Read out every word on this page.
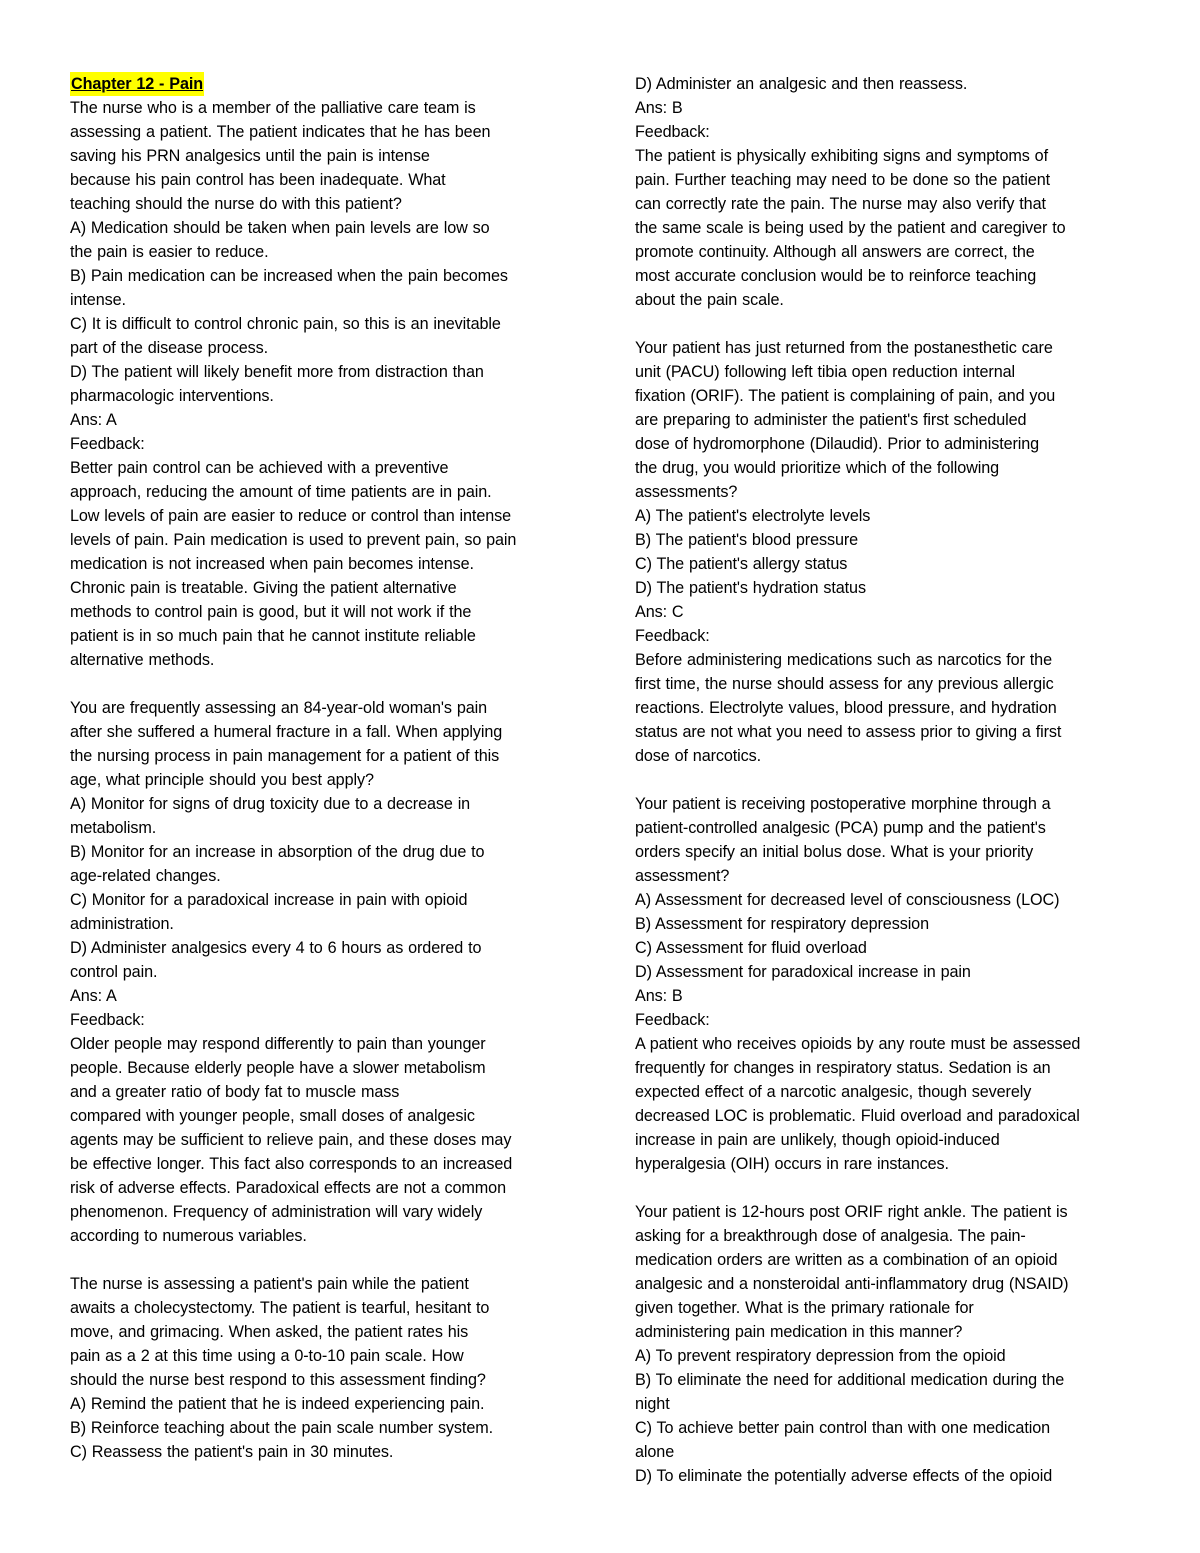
Chapter 12 - Pain
The nurse who is a member of the palliative care team is
assessing a patient. The patient indicates that he has been
saving his PRN analgesics until the pain is intense
because his pain control has been inadequate. What
teaching should the nurse do with this patient?
A) Medication should be taken when pain levels are low so
the pain is easier to reduce.
B) Pain medication can be increased when the pain becomes
intense.
C) It is difficult to control chronic pain, so this is an inevitable
part of the disease process.
D) The patient will likely benefit more from distraction than
pharmacologic interventions.
Ans: A
Feedback:
Better pain control can be achieved with a preventive
approach, reducing the amount of time patients are in pain.
Low levels of pain are easier to reduce or control than intense
levels of pain. Pain medication is used to prevent pain, so pain
medication is not increased when pain becomes intense.
Chronic pain is treatable. Giving the patient alternative
methods to control pain is good, but it will not work if the
patient is in so much pain that he cannot institute reliable
alternative methods.
You are frequently assessing an 84-year-old woman's pain
after she suffered a humeral fracture in a fall. When applying
the nursing process in pain management for a patient of this
age, what principle should you best apply?
A) Monitor for signs of drug toxicity due to a decrease in
metabolism.
B) Monitor for an increase in absorption of the drug due to
age-related changes.
C) Monitor for a paradoxical increase in pain with opioid
administration.
D) Administer analgesics every 4 to 6 hours as ordered to
control pain.
Ans: A
Feedback:
Older people may respond differently to pain than younger
people. Because elderly people have a slower metabolism
and a greater ratio of body fat to muscle mass
compared with younger people, small doses of analgesic
agents may be sufficient to relieve pain, and these doses may
be effective longer. This fact also corresponds to an increased
risk of adverse effects. Paradoxical effects are not a common
phenomenon. Frequency of administration will vary widely
according to numerous variables.
The nurse is assessing a patient's pain while the patient
awaits a cholecystectomy. The patient is tearful, hesitant to
move, and grimacing. When asked, the patient rates his
pain as a 2 at this time using a 0-to-10 pain scale. How
should the nurse best respond to this assessment finding?
A) Remind the patient that he is indeed experiencing pain.
B) Reinforce teaching about the pain scale number system.
C) Reassess the patient's pain in 30 minutes.
D) Administer an analgesic and then reassess.
Ans: B
Feedback:
The patient is physically exhibiting signs and symptoms of
pain. Further teaching may need to be done so the patient
can correctly rate the pain. The nurse may also verify that
the same scale is being used by the patient and caregiver to
promote continuity. Although all answers are correct, the
most accurate conclusion would be to reinforce teaching
about the pain scale.
Your patient has just returned from the postanesthetic care
unit (PACU) following left tibia open reduction internal
fixation (ORIF). The patient is complaining of pain, and you
are preparing to administer the patient's first scheduled
dose of hydromorphone (Dilaudid). Prior to administering
the drug, you would prioritize which of the following
assessments?
A) The patient's electrolyte levels
B) The patient's blood pressure
C) The patient's allergy status
D) The patient's hydration status
Ans: C
Feedback:
Before administering medications such as narcotics for the
first time, the nurse should assess for any previous allergic
reactions. Electrolyte values, blood pressure, and hydration
status are not what you need to assess prior to giving a first
dose of narcotics.
Your patient is receiving postoperative morphine through a
patient-controlled analgesic (PCA) pump and the patient's
orders specify an initial bolus dose. What is your priority
assessment?
A) Assessment for decreased level of consciousness (LOC)
B) Assessment for respiratory depression
C) Assessment for fluid overload
D) Assessment for paradoxical increase in pain
Ans: B
Feedback:
A patient who receives opioids by any route must be assessed
frequently for changes in respiratory status. Sedation is an
expected effect of a narcotic analgesic, though severely
decreased LOC is problematic. Fluid overload and paradoxical
increase in pain are unlikely, though opioid-induced
hyperalgesia (OIH) occurs in rare instances.
Your patient is 12-hours post ORIF right ankle. The patient is
asking for a breakthrough dose of analgesia. The pain-
medication orders are written as a combination of an opioid
analgesic and a nonsteroidal anti-inflammatory drug (NSAID)
given together. What is the primary rationale for
administering pain medication in this manner?
A) To prevent respiratory depression from the opioid
B) To eliminate the need for additional medication during the
night
C) To achieve better pain control than with one medication
alone
D) To eliminate the potentially adverse effects of the opioid
